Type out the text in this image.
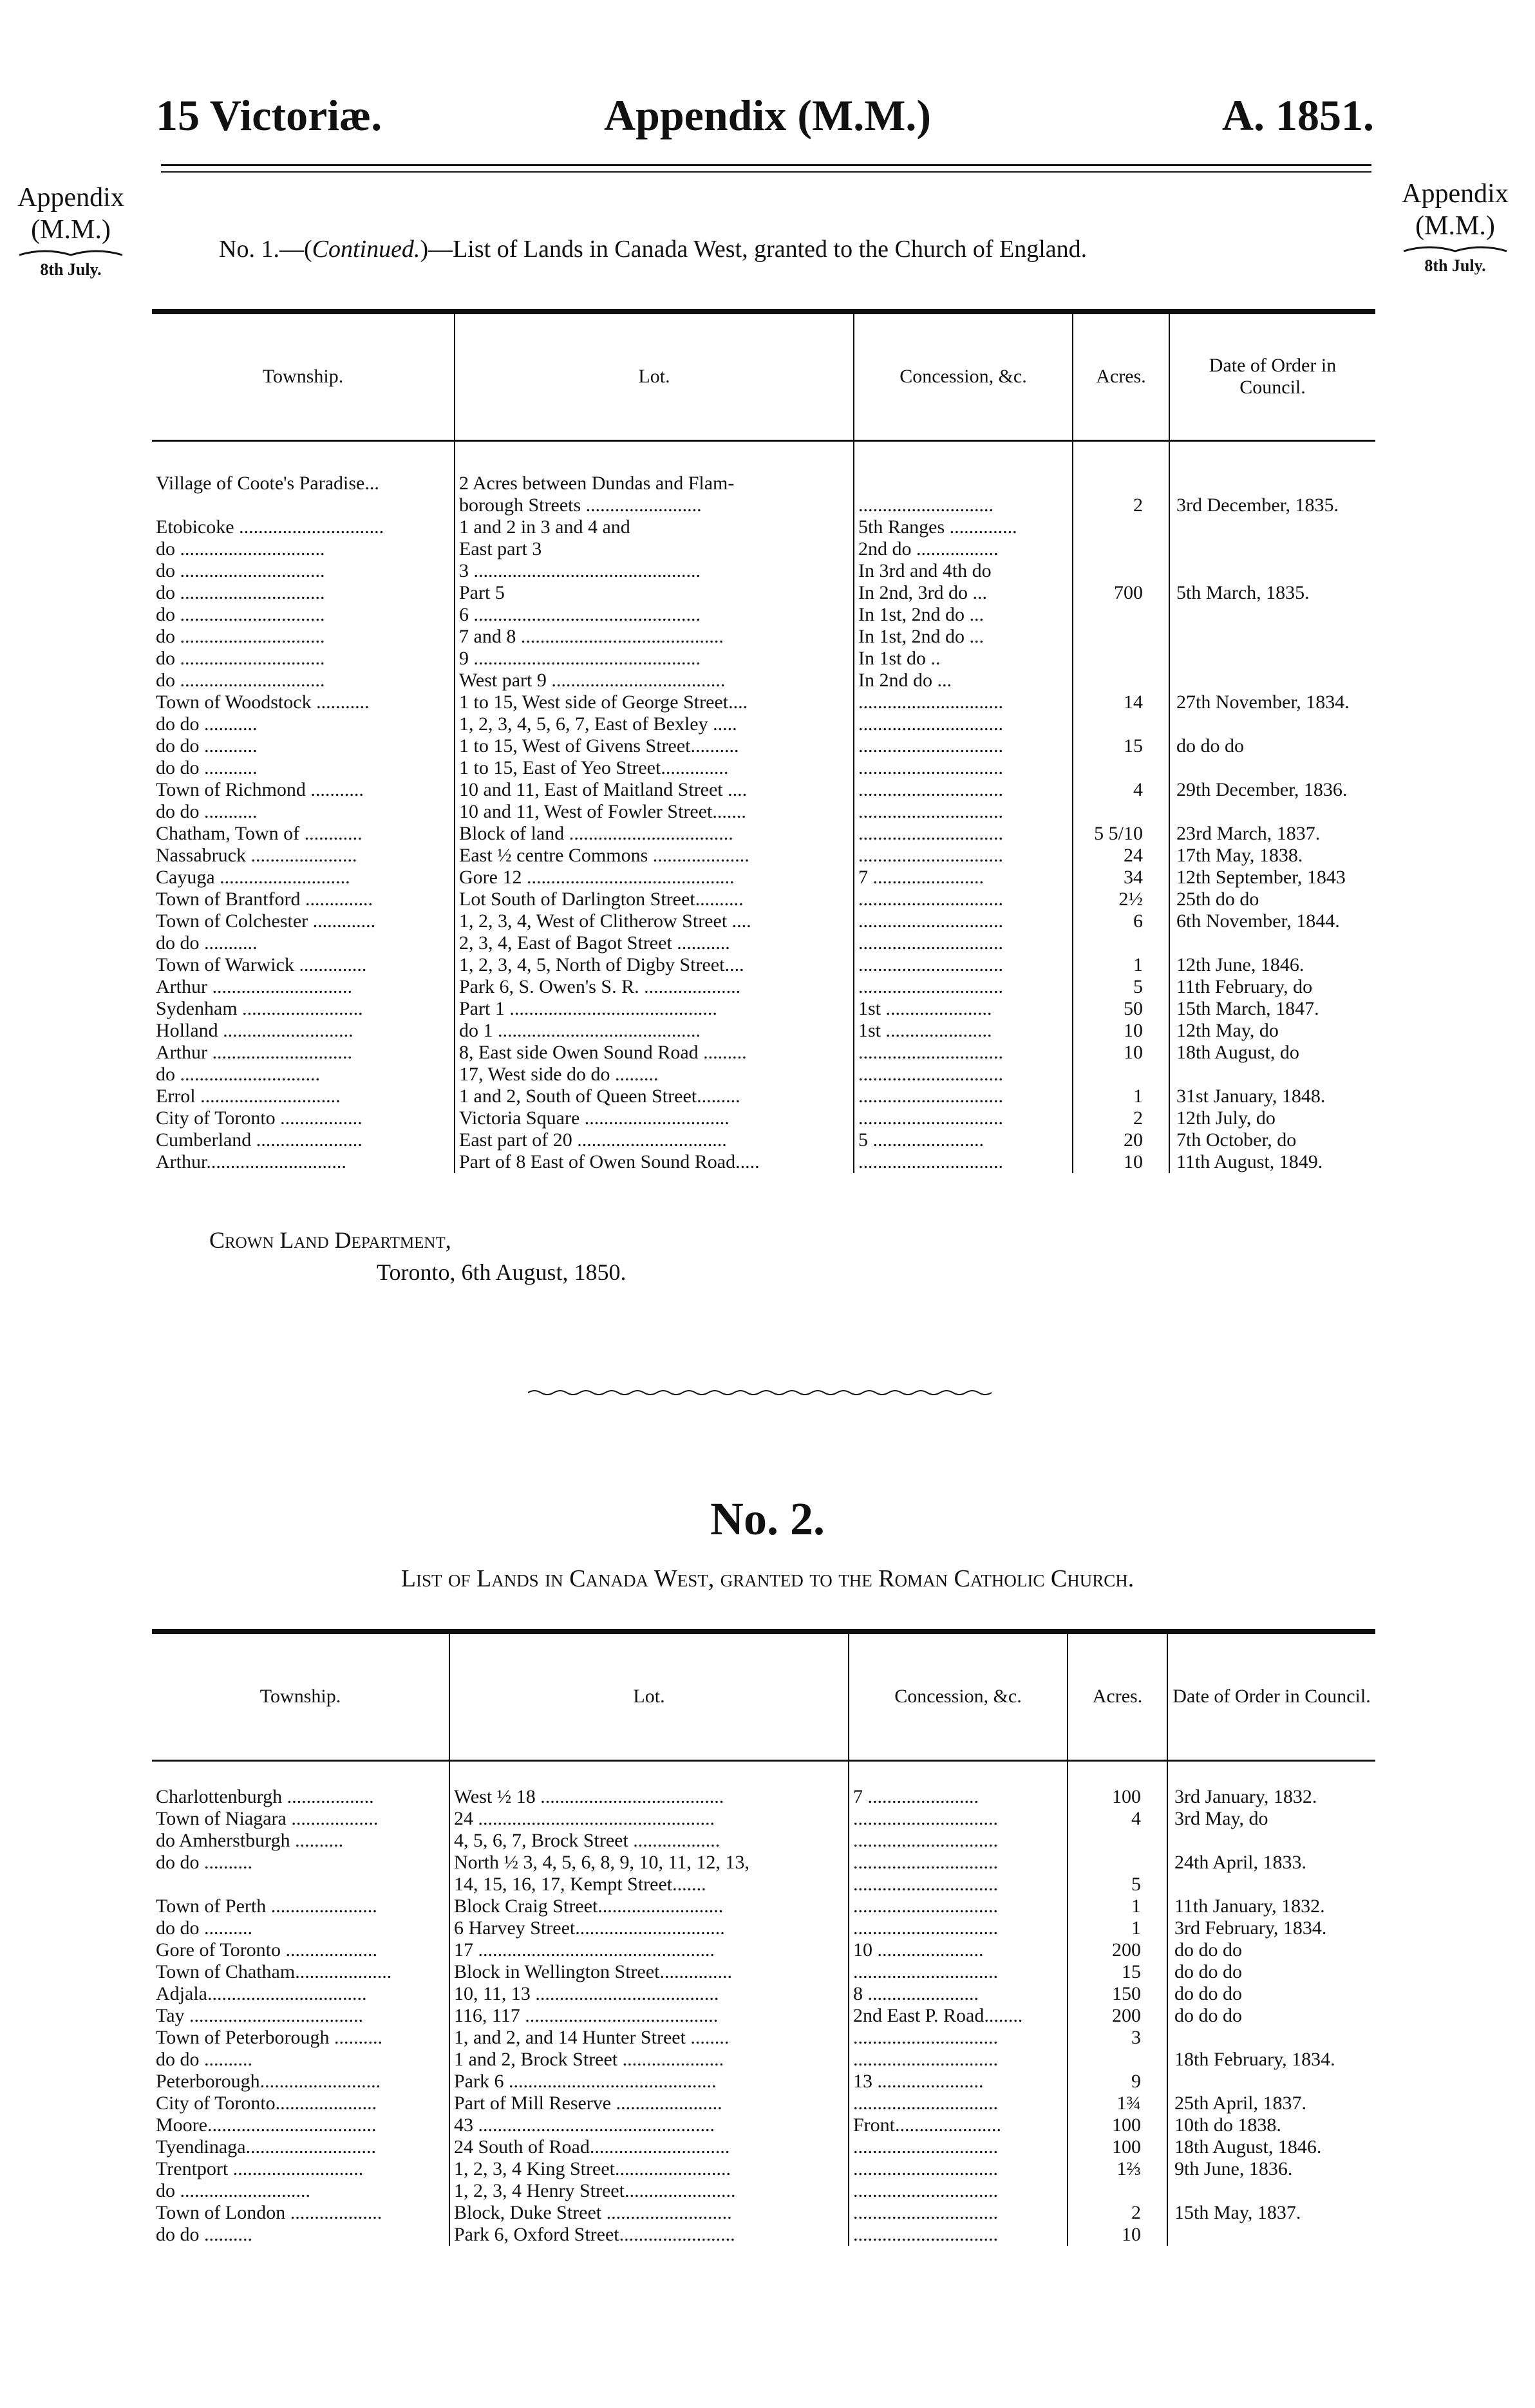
15 Victoriæ.	Appendix (M.M.)	A. 1851.
Appendix
(M.M.)
8th July.
Appendix
(M.M.)
8th July.
No. 1.—(Continued.)—List of Lands in Canada West, granted to the Church of England.
Township.	Lot.	Concession, &c.	Acres.	Date of Order in Council.

Village of Coote's Paradise...	2 Acres between Dundas and Flam-			
	borough Streets ........................	............................	2	3rd December, 1835.
Etobicoke ..............................	1 and 2 in 3 and 4 and	5th Ranges ..............		
do ..............................	East part 3	2nd do .................		
do ..............................	3 ...............................................	In 3rd and 4th do		
do ..............................	Part 5	In 2nd, 3rd do ...	700	5th March, 1835.
do ..............................	6 ...............................................	In 1st, 2nd do ...		
do ..............................	7 and 8 ..........................................	In 1st, 2nd do ...		
do ..............................	9 ...............................................	In 1st do ..		
do ..............................	West part 9 ....................................	In 2nd do ...		
Town of Woodstock ...........	1 to 15, West side of George Street....	..............................	14	27th November, 1834.
do do ...........	1, 2, 3, 4, 5, 6, 7, East of Bexley .....	..............................		
do do ...........	1 to 15, West of Givens Street..........	..............................	15	do do do
do do ...........	1 to 15, East of Yeo Street..............	..............................		
Town of Richmond ...........	10 and 11, East of Maitland Street ....	..............................	4	29th December, 1836.
do do ...........	10 and 11, West of Fowler Street.......	..............................		
Chatham, Town of ............	Block of land ..................................	..............................	5 5/10	23rd March, 1837.
Nassabruck ......................	East ½ centre Commons ....................	..............................	24	17th May, 1838.
Cayuga ...........................	Gore 12 ...........................................	7 .......................	34	12th September, 1843
Town of Brantford ..............	Lot South of Darlington Street..........	..............................	2½	25th do do
Town of Colchester .............	1, 2, 3, 4, West of Clitherow Street ....	..............................	6	6th November, 1844.
do do ...........	2, 3, 4, East of Bagot Street ...........	..............................		
Town of Warwick ..............	1, 2, 3, 4, 5, North of Digby Street....	..............................	1	12th June, 1846.
Arthur .............................	Park 6, S. Owen's S. R. ....................	..............................	5	11th February, do
Sydenham .........................	Part 1 ...........................................	1st ......................	50	15th March, 1847.
Holland ...........................	do 1 ..........................................	1st ......................	10	12th May, do
Arthur .............................	8, East side Owen Sound Road .........	..............................	10	18th August, do
do .............................	17, West side do do .........	..............................		
Errol .............................	1 and 2, South of Queen Street.........	..............................	1	31st January, 1848.
City of Toronto .................	Victoria Square ..............................	..............................	2	12th July, do
Cumberland ......................	East part of 20 ...............................	5 .......................	20	7th October, do
Arthur.............................	Part of 8 East of Owen Sound Road.....	..............................	10	11th August, 1849.
Crown Land Department,
Toronto, 6th August, 1850.
No. 2.
List of Lands in Canada West, granted to the Roman Catholic Church.
Township.	Lot.	Concession, &c.	Acres.	Date of Order in Council.

Charlottenburgh ..................	West ½ 18 ......................................	7 .......................	100	3rd January, 1832.
Town of Niagara ..................	24 .................................................	..............................	4	3rd May, do
do Amherstburgh ..........	4, 5, 6, 7, Brock Street ..................	..............................		
do do ..........	North ½ 3, 4, 5, 6, 8, 9, 10, 11, 12, 13,	..............................		24th April, 1833.
	14, 15, 16, 17, Kempt Street.......	..............................	5	
Town of Perth ......................	Block Craig Street..........................	..............................	1	11th January, 1832.
do do ..........	6 Harvey Street...............................	..............................	1	3rd February, 1834.
Gore of Toronto ...................	17 .................................................	10 ......................	200	do do do
Town of Chatham....................	Block in Wellington Street...............	..............................	15	do do do
Adjala.................................	10, 11, 13 ......................................	8 .......................	150	do do do
Tay ....................................	116, 117 ........................................	2nd East P. Road........	200	do do do
Town of Peterborough ..........	1, and 2, and 14 Hunter Street ........	..............................	3	
do do ..........	1 and 2, Brock Street .....................	..............................		18th February, 1834.
Peterborough.........................	Park 6 ...........................................	13 ......................	9	
City of Toronto.....................	Part of Mill Reserve ......................	..............................	1¾	25th April, 1837.
Moore...................................	43 .................................................	Front......................	100	10th do 1838.
Tyendinaga...........................	24 South of Road.............................	..............................	100	18th August, 1846.
Trentport ...........................	1, 2, 3, 4 King Street........................	..............................	1⅔	9th June, 1836.
do ...........................	1, 2, 3, 4 Henry Street.......................	..............................		
Town of London ...................	Block, Duke Street ..........................	..............................	2	15th May, 1837.
do do ..........	Park 6, Oxford Street........................	..............................	10	
